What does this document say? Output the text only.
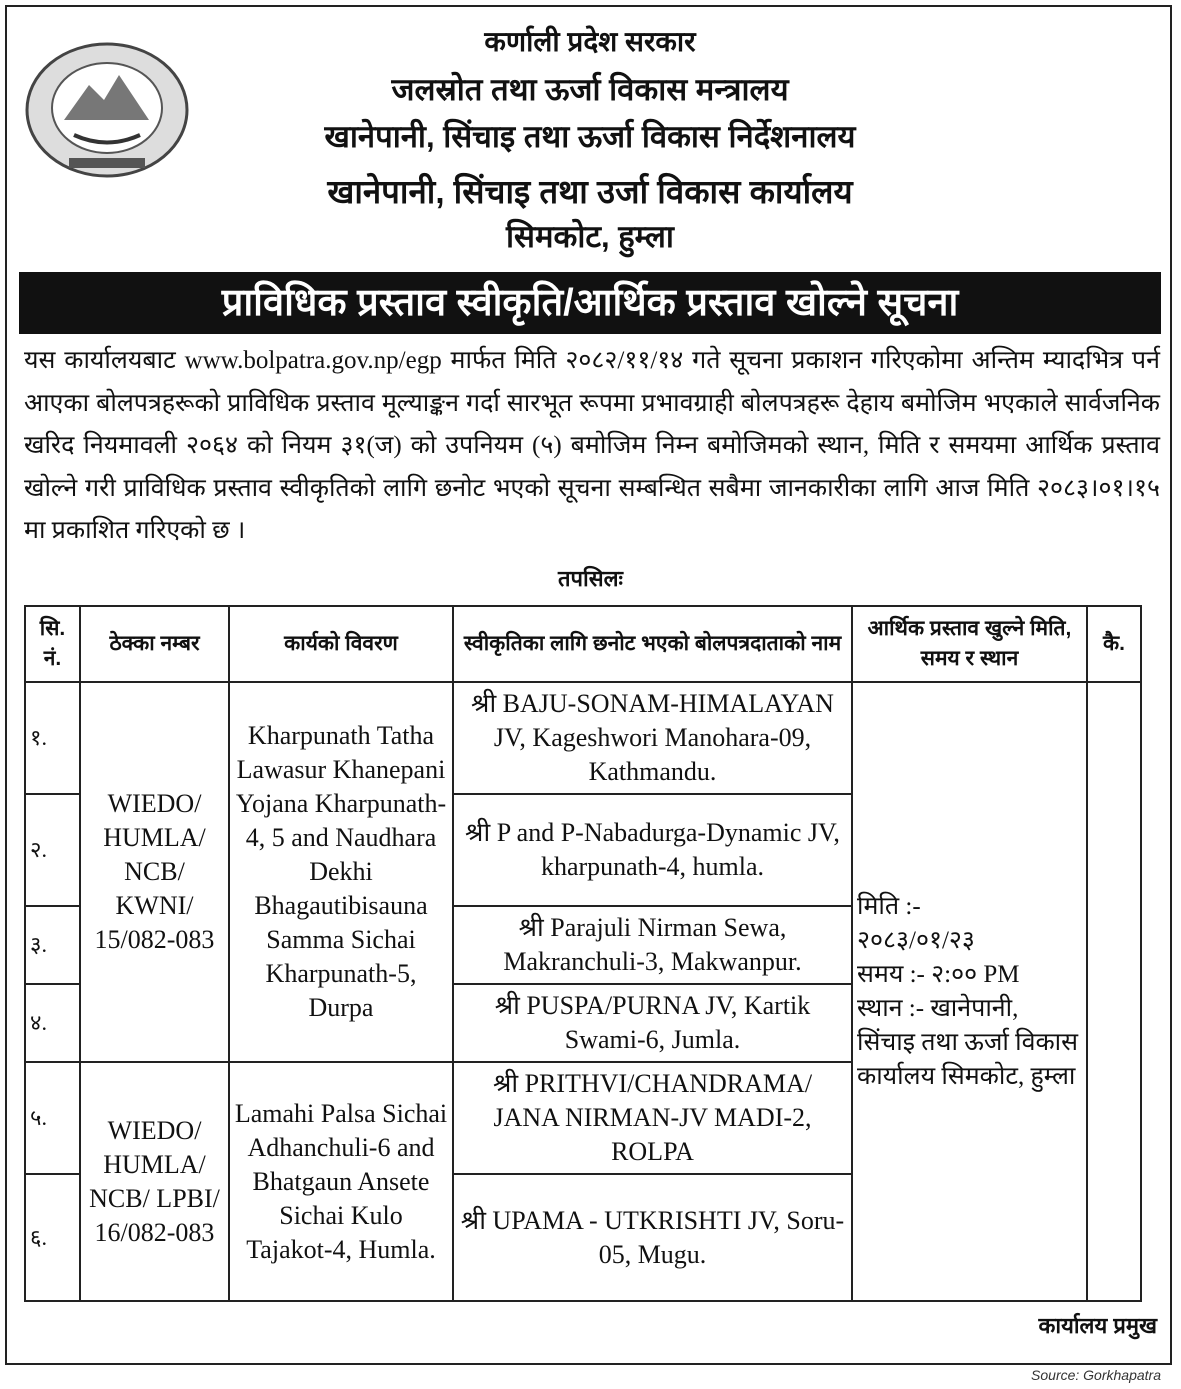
कर्णाली प्रदेश सरकार
जलस्रोत तथा ऊर्जा विकास मन्त्रालय
खानेपानी, सिंचाइ तथा ऊर्जा विकास निर्देशनालय
खानेपानी, सिंचाइ तथा उर्जा विकास कार्यालय
सिमकोट, हुम्ला
प्राविधिक प्रस्ताव स्वीकृति/आर्थिक प्रस्ताव खोल्ने सूचना
यस कार्यालयबाट www.bolpatra.gov.np/egp मार्फत मिति २०८२/११/१४ गते सूचना प्रकाशन गरिएकोमा अन्तिम म्यादभित्र पर्न आएका बोलपत्रहरूको प्राविधिक प्रस्ताव मूल्याङ्कन गर्दा सारभूत रूपमा प्रभावग्राही बोलपत्रहरू देहाय बमोजिम भएकाले सार्वजनिक खरिद नियमावली २०६४ को नियम ३१(ज) को उपनियम (५) बमोजिम निम्न बमोजिमको स्थान, मिति र समयमा आर्थिक प्रस्ताव खोल्ने गरी प्राविधिक प्रस्ताव स्वीकृतिको लागि छनोट भएको सूचना सम्बन्धित सबैमा जानकारीका लागि आज मिति २०८३।०१।१५ मा प्रकाशित गरिएको छ ।
तपसिलः
सि. नं.	ठेक्का नम्बर	कार्यको विवरण	स्वीकृतिका लागि छनोट भएको बोलपत्रदाताको नाम	आर्थिक प्रस्ताव खुल्ने मिति, समय र स्थान	कै.
१.	WIEDO/ HUMLA/ NCB/ KWNI/ 15/082-083	Kharpunath Tatha Lawasur Khanepani Yojana Kharpunath-4, 5 and Naudhara Dekhi Bhagautibisauna Samma Sichai Kharpunath-5, Durpa	श्री BAJU-SONAM-HIMALAYAN JV, Kageshwori Manohara-09, Kathmandu.	मिति :-
२०८३/०१/२३
समय :- २:०० PM
स्थान :- खानेपानी, सिंचाइ तथा ऊर्जा विकास कार्यालय सिमकोट, हुम्ला	

२.			श्री P and P-Nabadurga-Dynamic JV, kharpunath-4, humla.		
३.			श्री Parajuli Nirman Sewa, Makranchuli-3, Makwanpur.		
४.			श्री PUSPA/PURNA JV, Kartik Swami-6, Jumla.		
५.	WIEDO/ HUMLA/ NCB/ LPBI/ 16/082-083	Lamahi Palsa Sichai Adhanchuli-6 and Bhatgaun Ansete Sichai Kulo Tajakot-4, Humla.	श्री PRITHVI/CHANDRAMA/ JANA NIRMAN-JV MADI-2, ROLPA		
६.			श्री UPAMA - UTKRISHTI JV, Soru-05, Mugu.		
कार्यालय प्रमुख
Source: Gorkhapatra
